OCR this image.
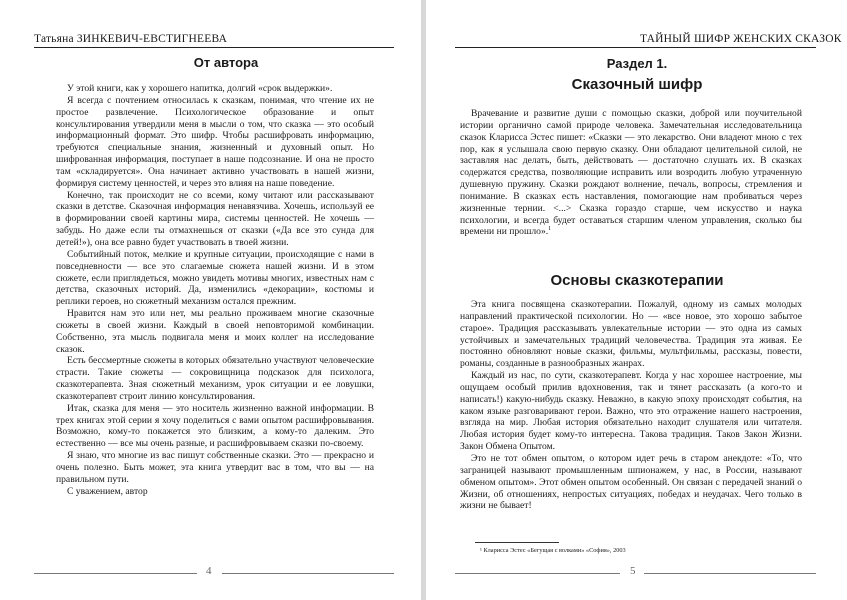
Татьяна ЗИНКЕВИЧ-ЕВСТИГНЕЕВА
От автора

У этой книги, как у хорошего напитка, долгий «срок выдержки».

Я всегда с почтением относилась к сказкам, понимая, что чтение их не простое развлечение. Психологическое образование и опыт консультирования утвердили меня в мысли о том, что сказка — это особый информационный формат. Это шифр. Чтобы расшифровать информацию, требуются специальные знания, жизненный и духовный опыт. Но шифрованная информация, поступает в наше подсознание. И она не просто там «складируется». Она начинает активно участвовать в нашей жизни, формируя систему ценностей, и через это влияя на наше поведение.

Конечно, так происходит не со всеми, кому читают или рассказывают сказки в детстве. Сказочная информация ненавязчива. Хочешь, используй ее в формировании своей картины мира, системы ценностей. Не хочешь — забудь. Но даже если ты отмахнешься от сказки («Да все это сунда для детей!»), она все равно будет участвовать в твоей жизни.

Событийный поток, мелкие и крупные ситуации, происходящие с нами в повседневности — все это слагаемые сюжета нашей жизни. И в этом сюжете, если приглядеться, можно увидеть мотивы многих, известных нам с детства, сказочных историй. Да, изменились «декорации», костюмы и реплики героев, но сюжетный механизм остался прежним.

Нравится нам это или нет, мы реально проживаем многие сказочные сюжеты в своей жизни. Каждый в своей неповторимой комбинации. Собственно, эта мысль подвигала меня и моих коллег на исследование сказок.

Есть бессмертные сюжеты в которых обязательно участвуют человеческие страсти. Такие сюжеты — сокровищница подсказок для психолога, сказкотерапевта. Зная сюжетный механизм, урок ситуации и ее ловушки, сказкотерапевт строит линию консультирования.

Итак, сказка для меня — это носитель жизненно важной информации. В трех книгах этой серии я хочу поделиться с вами опытом расшифровывания. Возможно, кому-то покажется это близким, а кому-то далеким. Это естественно — все мы очень разные, и расшифровываем сказки по-своему.

Я знаю, что многие из вас пишут собственные сказки. Это — прекрасно и очень полезно. Быть может, эта книга утвердит вас в том, что вы — на правильном пути.

С уважением, автор

4
ТАЙНЫЙ ШИФР ЖЕНСКИХ СКАЗОК
Раздел 1.
Сказочный шифр

Врачевание и развитие души с помощью сказки, доброй или поучительной истории органично самой природе человека. Замечательная исследовательница сказок Кларисса Эстес пишет: «Сказки — это лекарство. Они владеют мною с тех пор, как я услышала свою первую сказку. Они обладают целительной силой, не заставляя нас делать, быть, действовать — достаточно слушать их. В сказках содержатся средства, позволяющие исправить или возродить любую утраченную душевную пружину. Сказки рождают волнение, печаль, вопросы, стремления и понимание. В сказках есть наставления, помогающие нам пробиваться через жизненные тернии. <...> Сказка гораздо старше, чем искусство и наука психологии, и всегда будет оставаться старшим членом управления, сколько бы времени ни прошло».$^1$

Основы сказкотерапии

Эта книга посвящена сказкотерапии. Пожалуй, одному из самых молодых направлений практической психологии. Но — «все новое, это хорошо забытое старое». Традиция рассказывать увлекательные истории — это одна из самых устойчивых и замечательных традиций человечества. Традиция эта живая. Ее постоянно обновляют новые сказки, фильмы, мультфильмы, рассказы, повести, романы, созданные в разнообразных жанрах.

Каждый из нас, по сути, сказкотерапевт. Когда у нас хорошее настроение, мы ощущаем особый прилив вдохновения, так и тянет рассказать (а кого-то и написать!) какую-нибудь сказку. Неважно, в какую эпоху происходят события, на каком языке разговаривают герои. Важно, что это отражение нашего настроения, взгляда на мир. Любая история обязательно находит слушателя или читателя. Любая история будет кому-то интересна. Такова традиция. Таков Закон Жизни. Закон Обмена Опытом.

Это не тот обмен опытом, о котором идет речь в старом анекдоте: «То, что заграницей называют промышленным шпионажем, у нас, в России, называют обменом опытом». Этот обмен опытом особенный. Он связан с передачей знаний о Жизни, об отношениях, непростых ситуациях, победах и неудачах. Чего только в жизни не бывает!

¹ Кларисса Эстес «Бегущая с волками» «София», 2003
5
